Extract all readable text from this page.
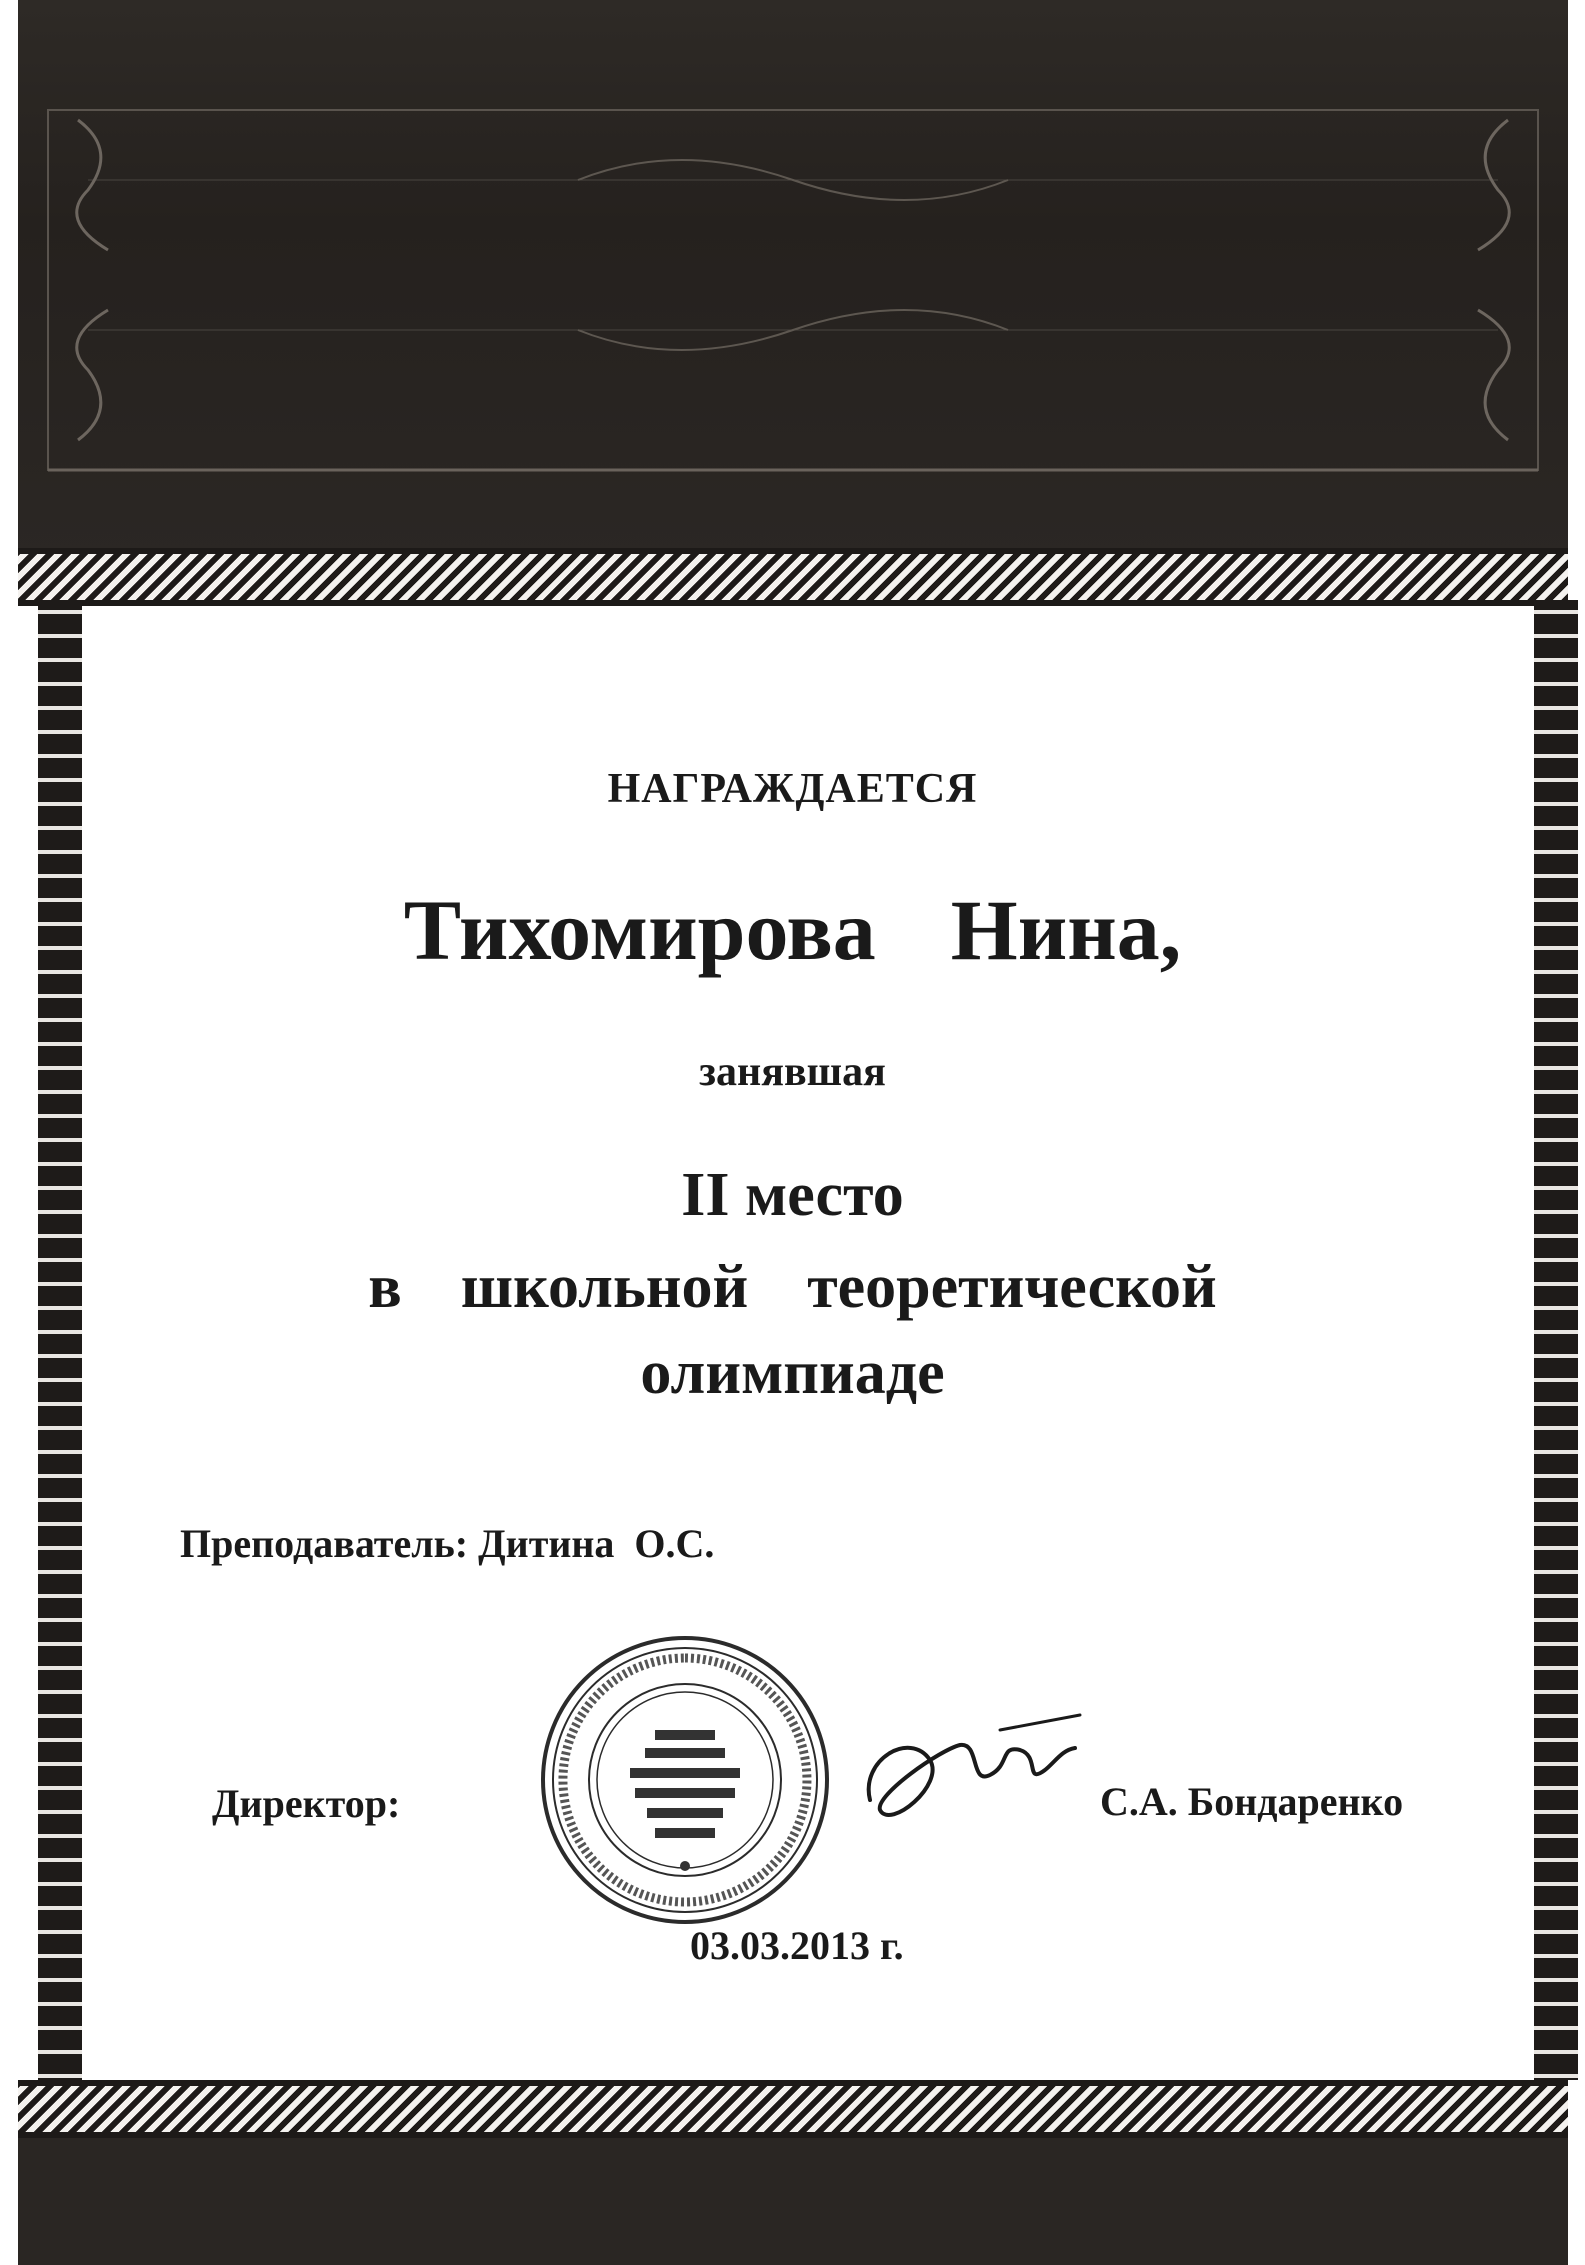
НАГРАЖДАЕТСЯ
Тихомирова  Нина,
занявшая
II место
в  школьной  теоретической
олимпиаде
Преподаватель: Дитина  О.С.
Директор:	С.А. Бондаренко
03.03.2013 г.
